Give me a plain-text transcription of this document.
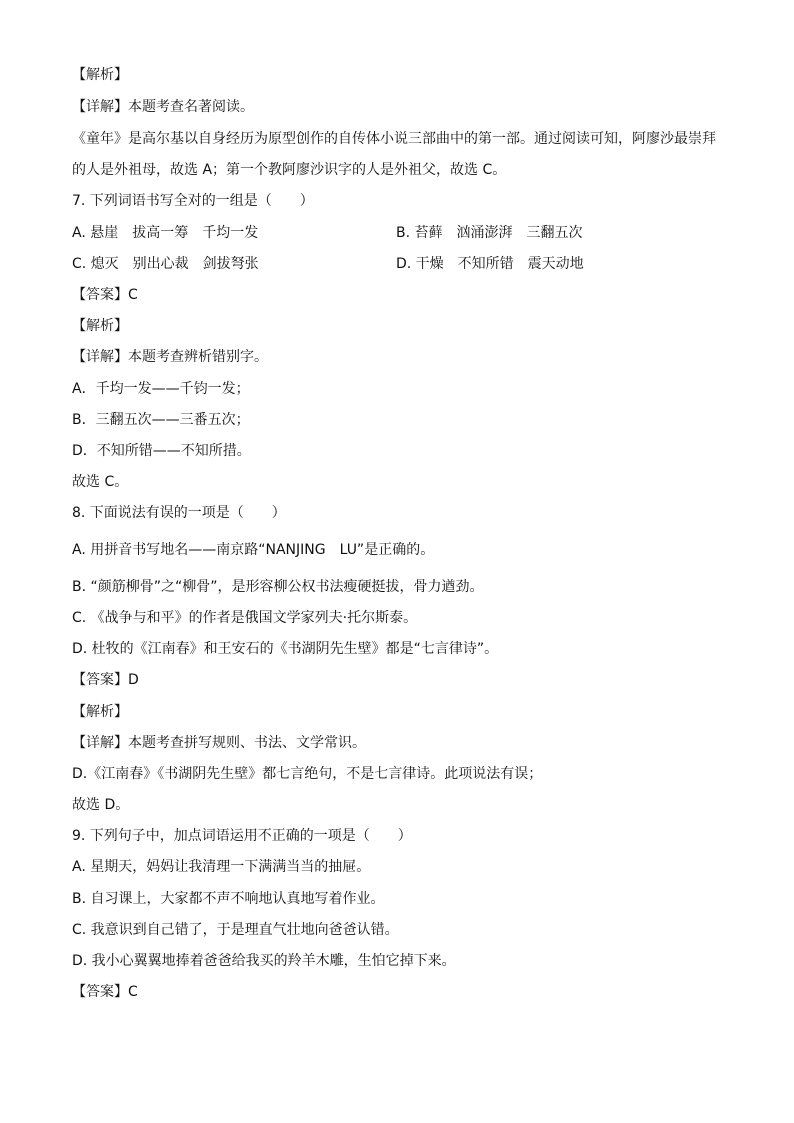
【解析】
【详解】本题考查名著阅读。
《童年》是高尔基以自身经历为原型创作的自传体小说三部曲中的第一部。通过阅读可知，阿廖沙最崇拜
的人是外祖母，故选 A；第一个教阿廖沙识字的人是外祖父，故选 C。
7. 下列词语书写全对的一组是（　　）
A. 悬崖　拔高一筹　千均一发	B. 苔藓　汹涌澎湃　三翻五次
C. 熄灭　别出心裁　剑拔弩张	D. 干燥　不知所错　震天动地
【答案】C
【解析】
【详解】本题考查辨析错别字。
A．千均一发——千钧一发；
B．三翻五次——三番五次；
D．不知所错——不知所措。
故选 C。
8. 下面说法有误的一项是（　　）
A. 用拼音书写地名——南京路“NANJING　LU”是正确的。
B. “颜筋柳骨”之“柳骨”，是形容柳公权书法瘦硬挺拔，骨力遒劲。
C. 《战争与和平》的作者是俄国文学家列夫·托尔斯泰。
D. 杜牧的《江南春》和王安石的《书湖阴先生壁》都是“七言律诗”。
【答案】D
【解析】
【详解】本题考查拼写规则、书法、文学常识。
D.《江南春》《书湖阴先生壁》都七言绝句，不是七言律诗。此项说法有误；
故选 D。
9. 下列句子中，加点词语运用不正确的一项是（　　）
A. 星期天，妈妈让我清理一下满满当当的抽屉。
B. 自习课上，大家都不声不响地认真地写着作业。
C. 我意识到自己错了，于是理直气壮地向爸爸认错。
D. 我小心翼翼地捧着爸爸给我买的羚羊木雕，生怕它掉下来。
【答案】C
